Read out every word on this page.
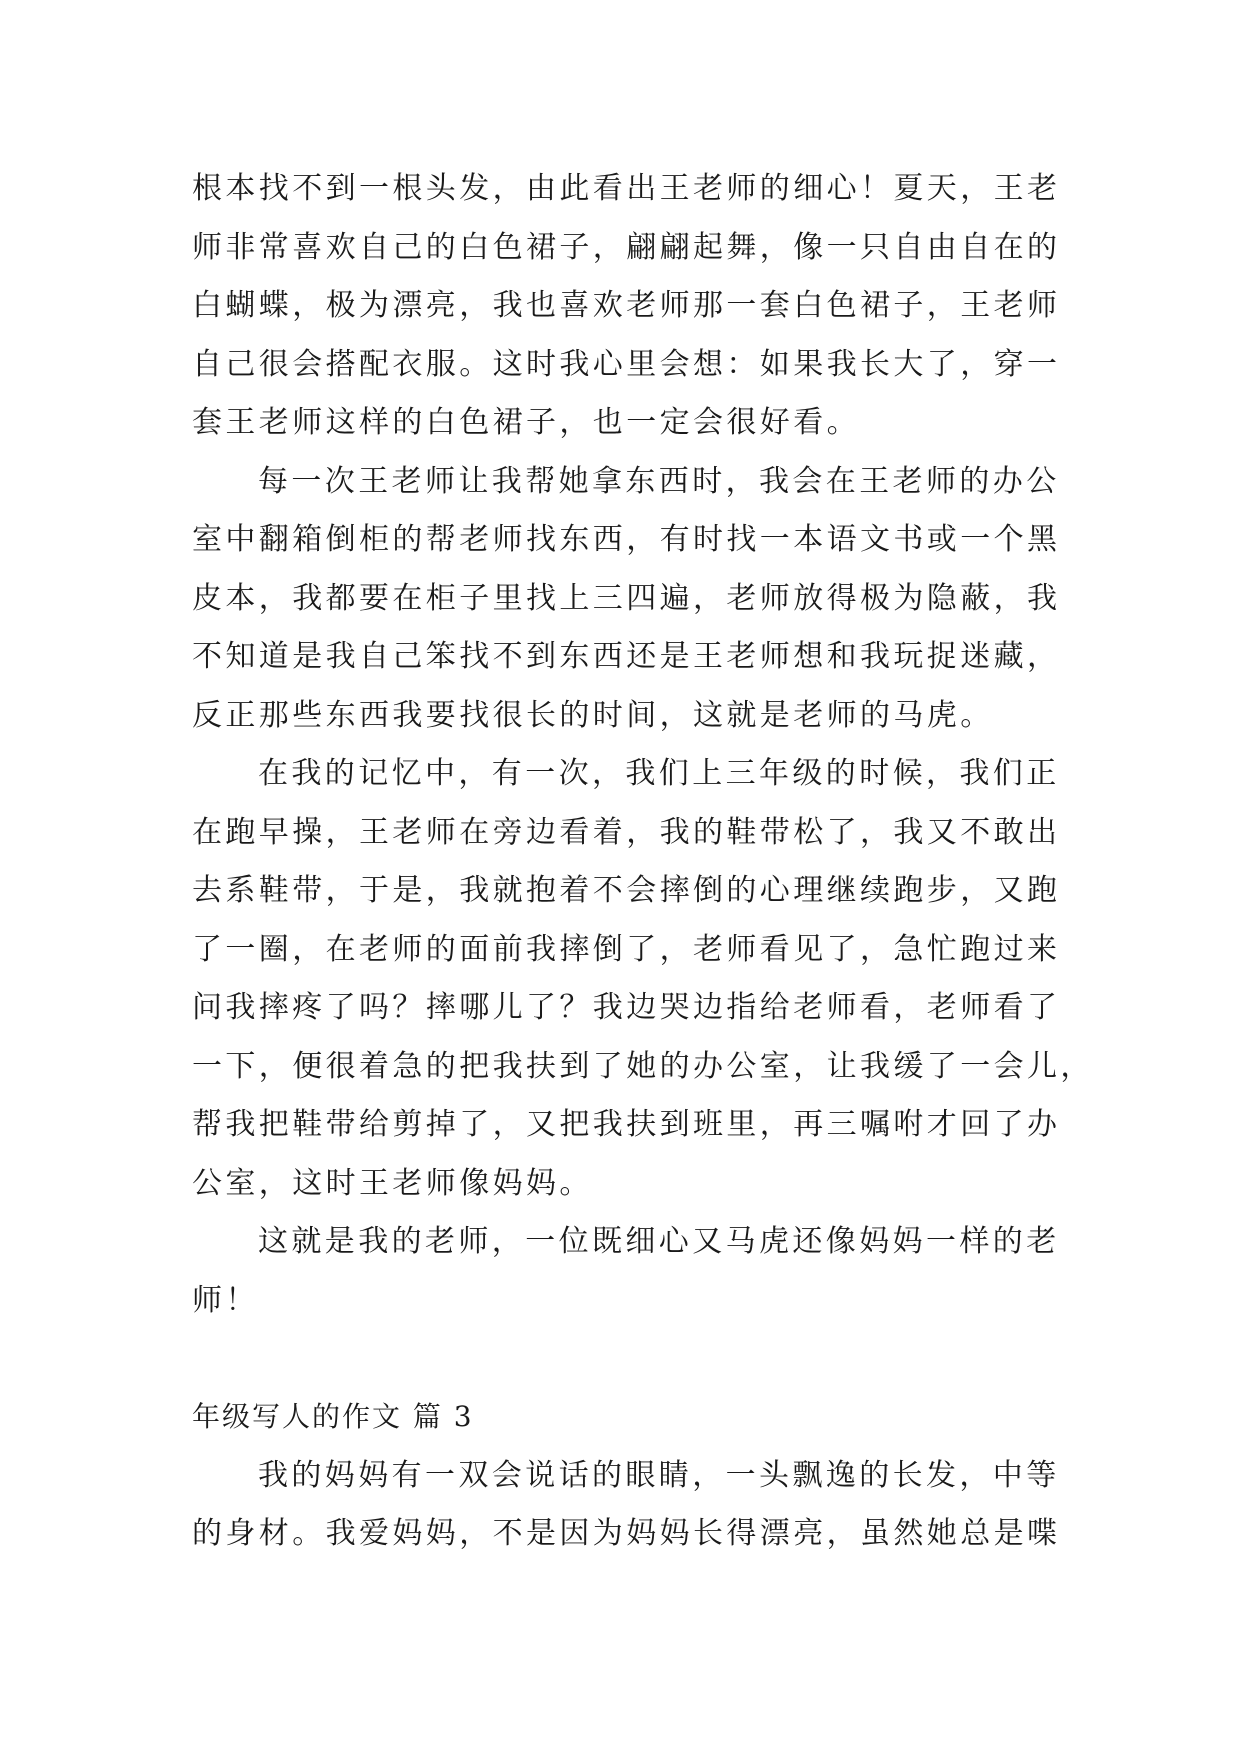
根本找不到一根头发，由此看出王老师的细心！夏天，王老
师非常喜欢自己的白色裙子，翩翩起舞，像一只自由自在的
白蝴蝶，极为漂亮，我也喜欢老师那一套白色裙子，王老师
自己很会搭配衣服。这时我心里会想：如果我长大了，穿一
套王老师这样的白色裙子，也一定会很好看。
每一次王老师让我帮她拿东西时，我会在王老师的办公
室中翻箱倒柜的帮老师找东西，有时找一本语文书或一个黑
皮本，我都要在柜子里找上三四遍，老师放得极为隐蔽，我
不知道是我自己笨找不到东西还是王老师想和我玩捉迷藏，
反正那些东西我要找很长的时间，这就是老师的马虎。
在我的记忆中，有一次，我们上三年级的时候，我们正
在跑早操，王老师在旁边看着，我的鞋带松了，我又不敢出
去系鞋带，于是，我就抱着不会摔倒的心理继续跑步，又跑
了一圈，在老师的面前我摔倒了，老师看见了，急忙跑过来
问我摔疼了吗？摔哪儿了？我边哭边指给老师看，老师看了
一下，便很着急的把我扶到了她的办公室，让我缓了一会儿，
帮我把鞋带给剪掉了，又把我扶到班里，再三嘱咐才回了办
公室，这时王老师像妈妈。
这就是我的老师，一位既细心又马虎还像妈妈一样的老
师！
年级写人的作文 篇 3
我的妈妈有一双会说话的眼睛，一头飘逸的长发，中等
的身材。我爱妈妈，不是因为妈妈长得漂亮，虽然她总是喋
